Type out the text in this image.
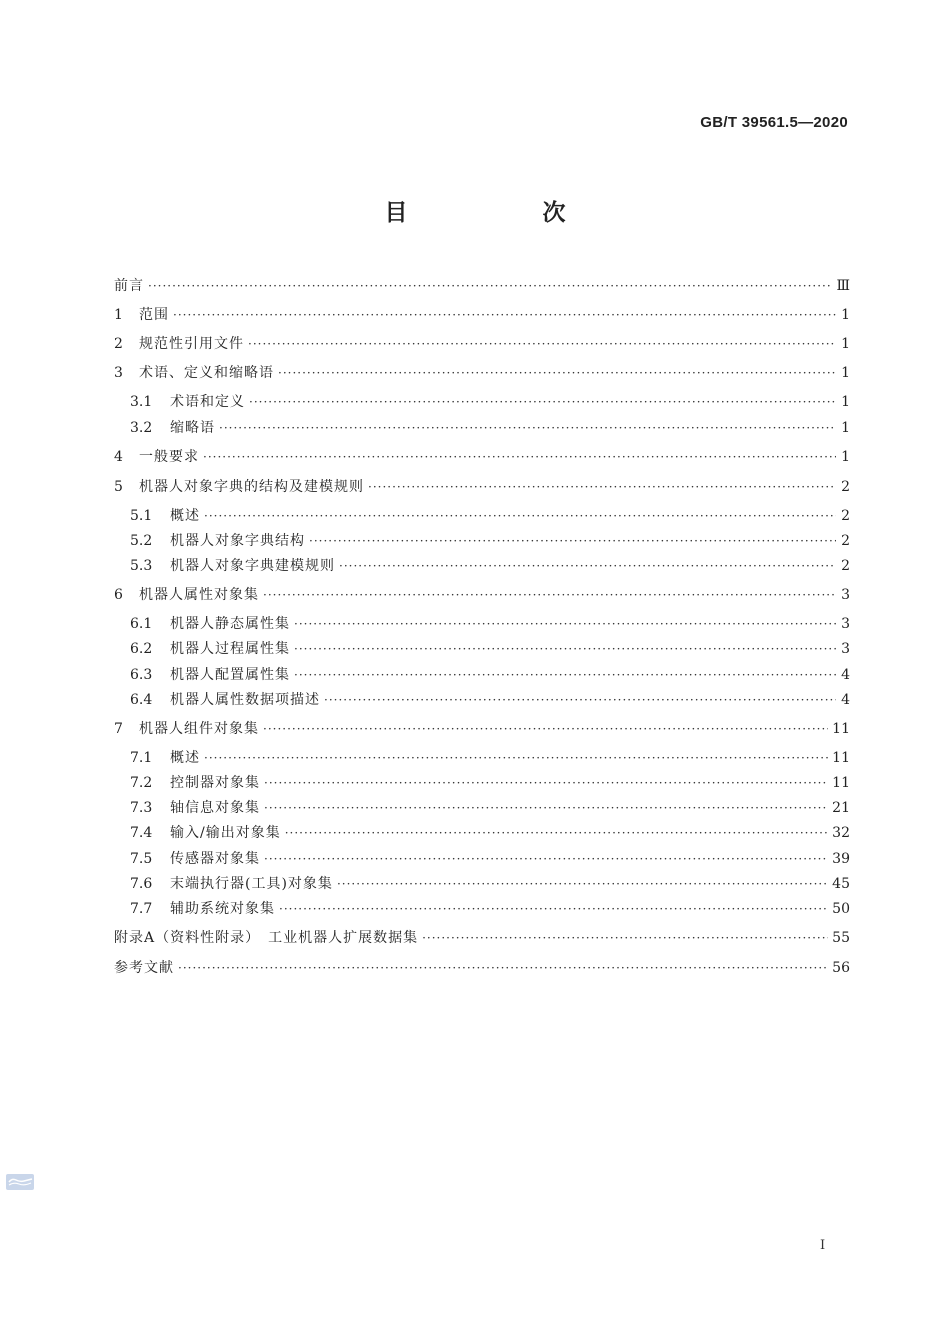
GB/T 39561.5—2020
目　次
前言 ·····	Ⅲ
1	范围 ·····	1
2	规范性引用文件 ·····	1
3	术语、定义和缩略语 ·····	1
3.1	术语和定义 ·····	1
3.2	缩略语 ·····	1
4	一般要求 ·····	1
5	机器人对象字典的结构及建模规则 ·····	2
5.1	概述 ·····	2
5.2	机器人对象字典结构 ·····	2
5.3	机器人对象字典建模规则 ·····	2
6	机器人属性对象集 ·····	3
6.1	机器人静态属性集 ·····	3
6.2	机器人过程属性集 ·····	3
6.3	机器人配置属性集 ·····	4
6.4	机器人属性数据项描述 ·····	4
7	机器人组件对象集 ·····	11
7.1	概述 ·····	11
7.2	控制器对象集 ·····	11
7.3	轴信息对象集 ·····	21
7.4	输入/输出对象集 ·····	32
7.5	传感器对象集 ·····	39
7.6	末端执行器(工具)对象集 ·····	45
7.7	辅助系统对象集 ·····	50
附录A（资料性附录）　工业机器人扩展数据集 ·····	55
参考文献 ·····	56
I
